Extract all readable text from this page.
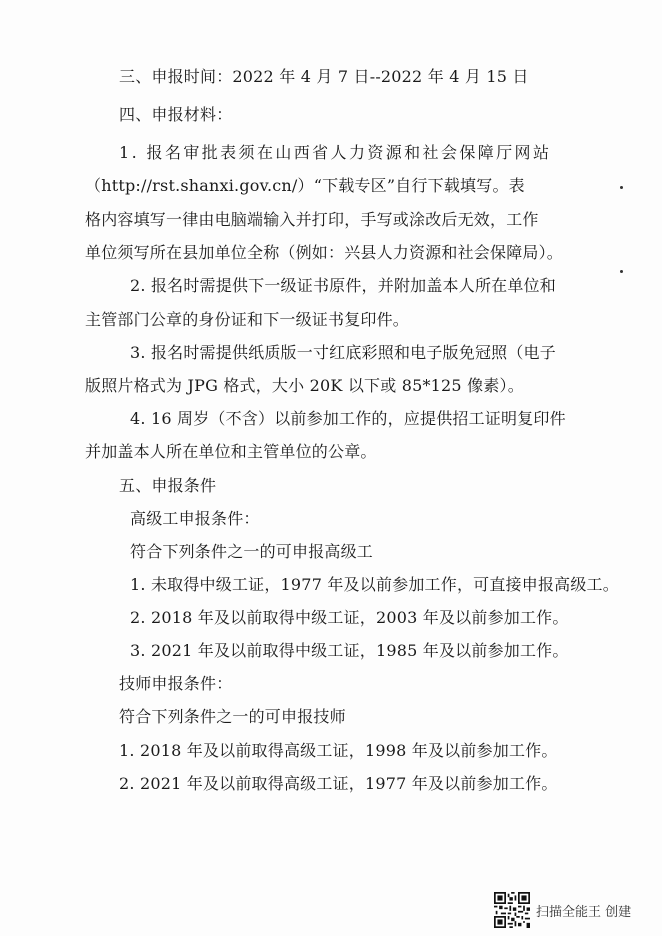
三、申报时间：2022 年 4 月 7 日--2022 年 4 月 15 日
四、申报材料：
1. 报名审批表须在山西省人力资源和社会保障厅网站
（http://rst.shanxi.gov.cn/）“下载专区”自行下载填写。表
格内容填写一律由电脑端输入并打印，手写或涂改后无效，工作
单位须写所在县加单位全称（例如：兴县人力资源和社会保障局）。
2. 报名时需提供下一级证书原件，并附加盖本人所在单位和
主管部门公章的身份证和下一级证书复印件。
3. 报名时需提供纸质版一寸红底彩照和电子版免冠照（电子
版照片格式为 JPG 格式，大小 20K 以下或 85*125 像素）。
4. 16 周岁（不含）以前参加工作的，应提供招工证明复印件
并加盖本人所在单位和主管单位的公章。
五、申报条件
高级工申报条件：
符合下列条件之一的可申报高级工
1. 未取得中级工证，1977 年及以前参加工作，可直接申报高级工。
2. 2018 年及以前取得中级工证，2003 年及以前参加工作。
3. 2021 年及以前取得中级工证，1985 年及以前参加工作。
技师申报条件：
符合下列条件之一的可申报技师
1. 2018 年及以前取得高级工证，1998 年及以前参加工作。
2. 2021 年及以前取得高级工证，1977 年及以前参加工作。
扫描全能王 创建
